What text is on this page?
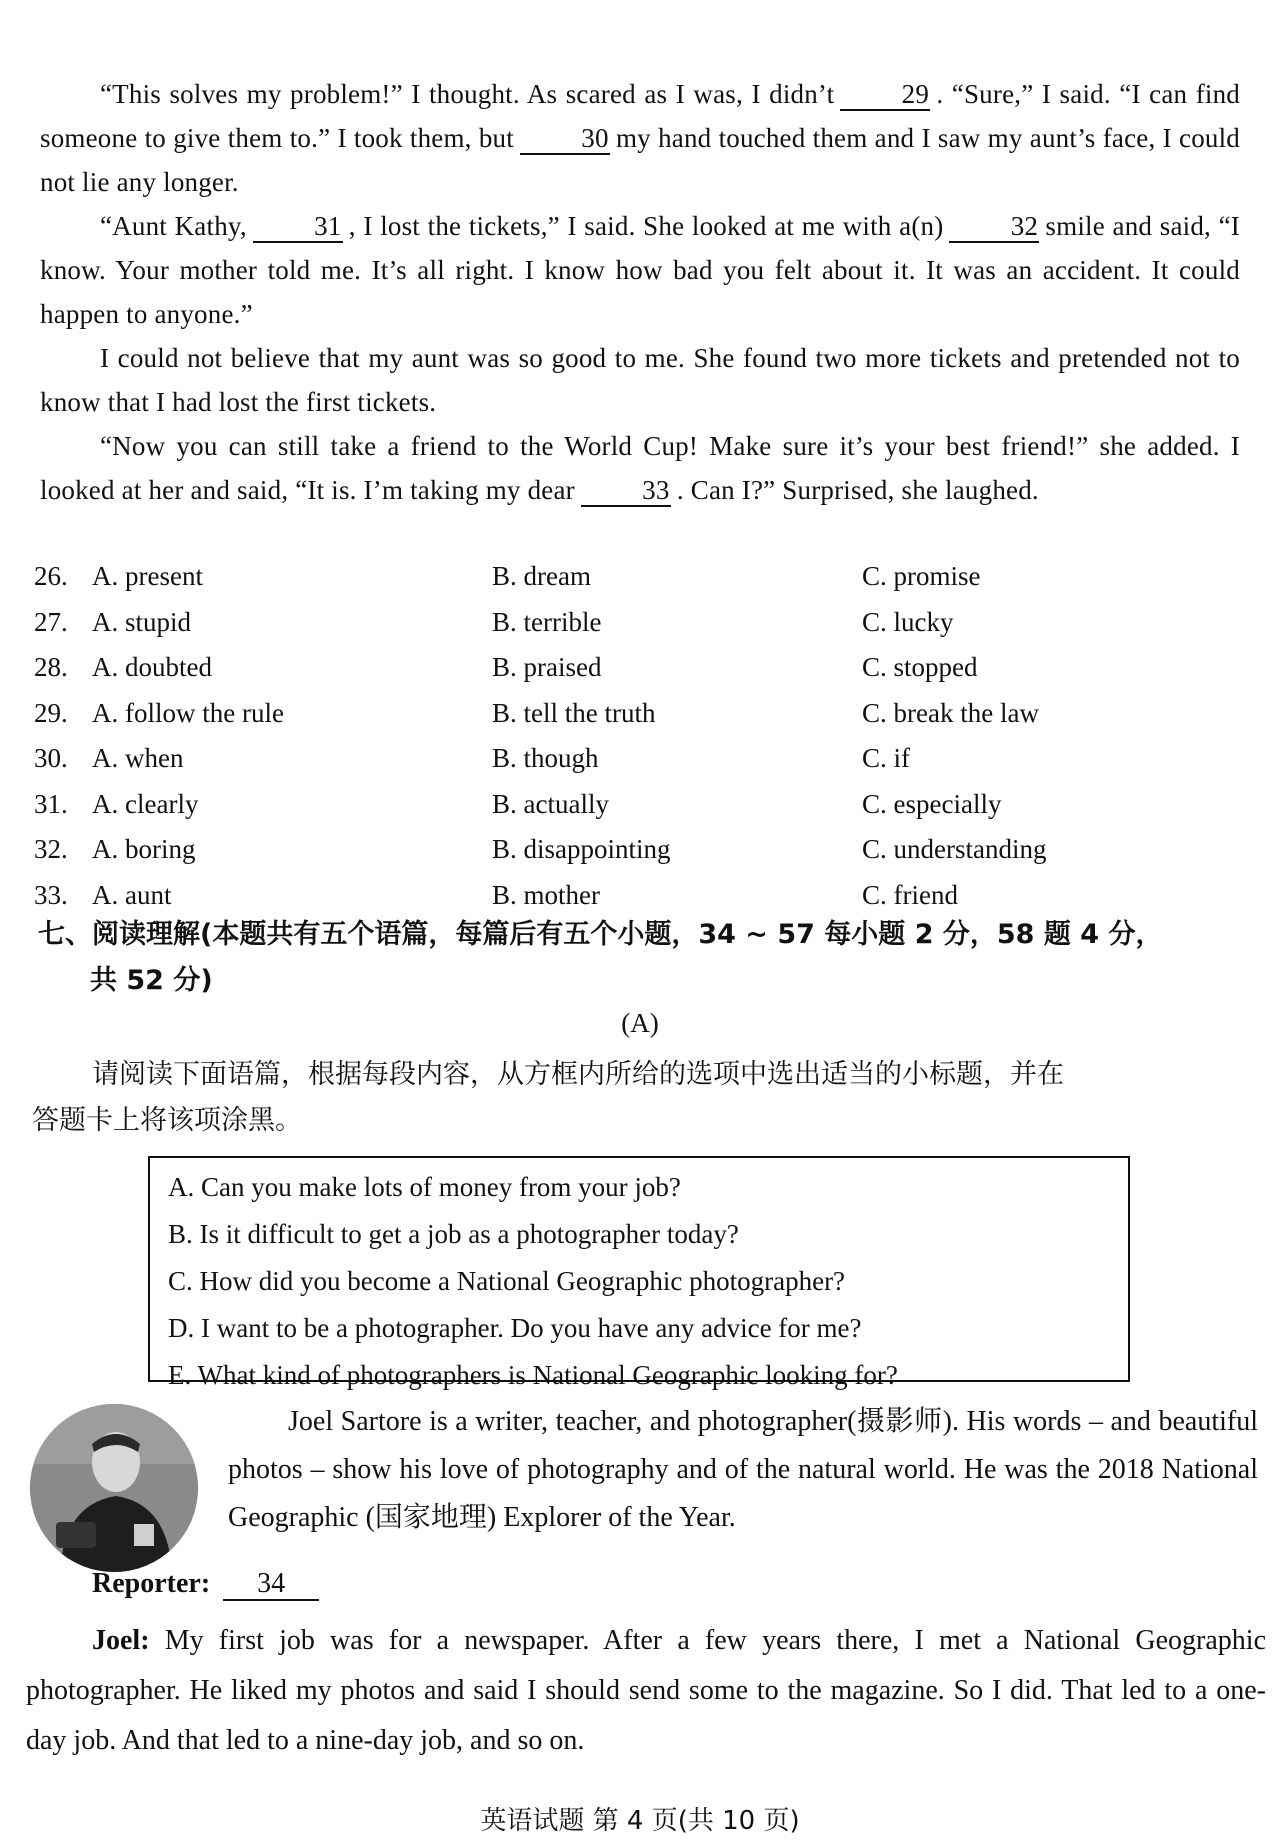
“This solves my problem!” I thought. As scared as I was, I didn’t 29 . “Sure,” I said. “I can find someone to give them to.” I took them, but 30 my hand touched them and I saw my aunt’s face, I could not lie any longer.

“Aunt Kathy, 31 , I lost the tickets,” I said. She looked at me with a(n) 32 smile and said, “I know. Your mother told me. It’s all right. I know how bad you felt about it. It was an accident. It could happen to anyone.”

I could not believe that my aunt was so good to me. She found two more tickets and pretended not to know that I had lost the first tickets.

“Now you can still take a friend to the World Cup! Make sure it’s your best friend!” she added. I looked at her and said, “It is. I’m taking my dear 33 . Can I?” Surprised, she laughed.

26. A. present	B. dream	C. promise
27. A. stupid	B. terrible	C. lucky
28. A. doubted	B. praised	C. stopped
29. A. follow the rule	B. tell the truth	C. break the law
30. A. when	B. though	C. if
31. A. clearly	B. actually	C. especially
32. A. boring	B. disappointing	C. understanding
33. A. aunt	B. mother	C. friend
七、阅读理解(本题共有五个语篇，每篇后有五个小题，34 ~ 57 每小题 2 分，58 题 4 分，
共 52 分)
(A)
请阅读下面语篇，根据每段内容，从方框内所给的选项中选出适当的小标题，并在
答题卡上将该项涂黑。
A. Can you make lots of money from your job?
B. Is it difficult to get a job as a photographer today?
C. How did you become a National Geographic photographer?
D. I want to be a photographer. Do you have any advice for me?
E. What kind of photographers is National Geographic looking for?

Joel Sartore is a writer, teacher, and photographer(摄影师). His words – and beautiful photos – show his love of photography and of the natural world. He was the 2018 National Geographic (国家地理) Explorer of the Year.

Reporter: 34

Joel: My first job was for a newspaper. After a few years there, I met a National Geographic photographer. He liked my photos and said I should send some to the magazine. So I did. That led to a one-day job. And that led to a nine-day job, and so on.

英语试题 第 4 页(共 10 页)
